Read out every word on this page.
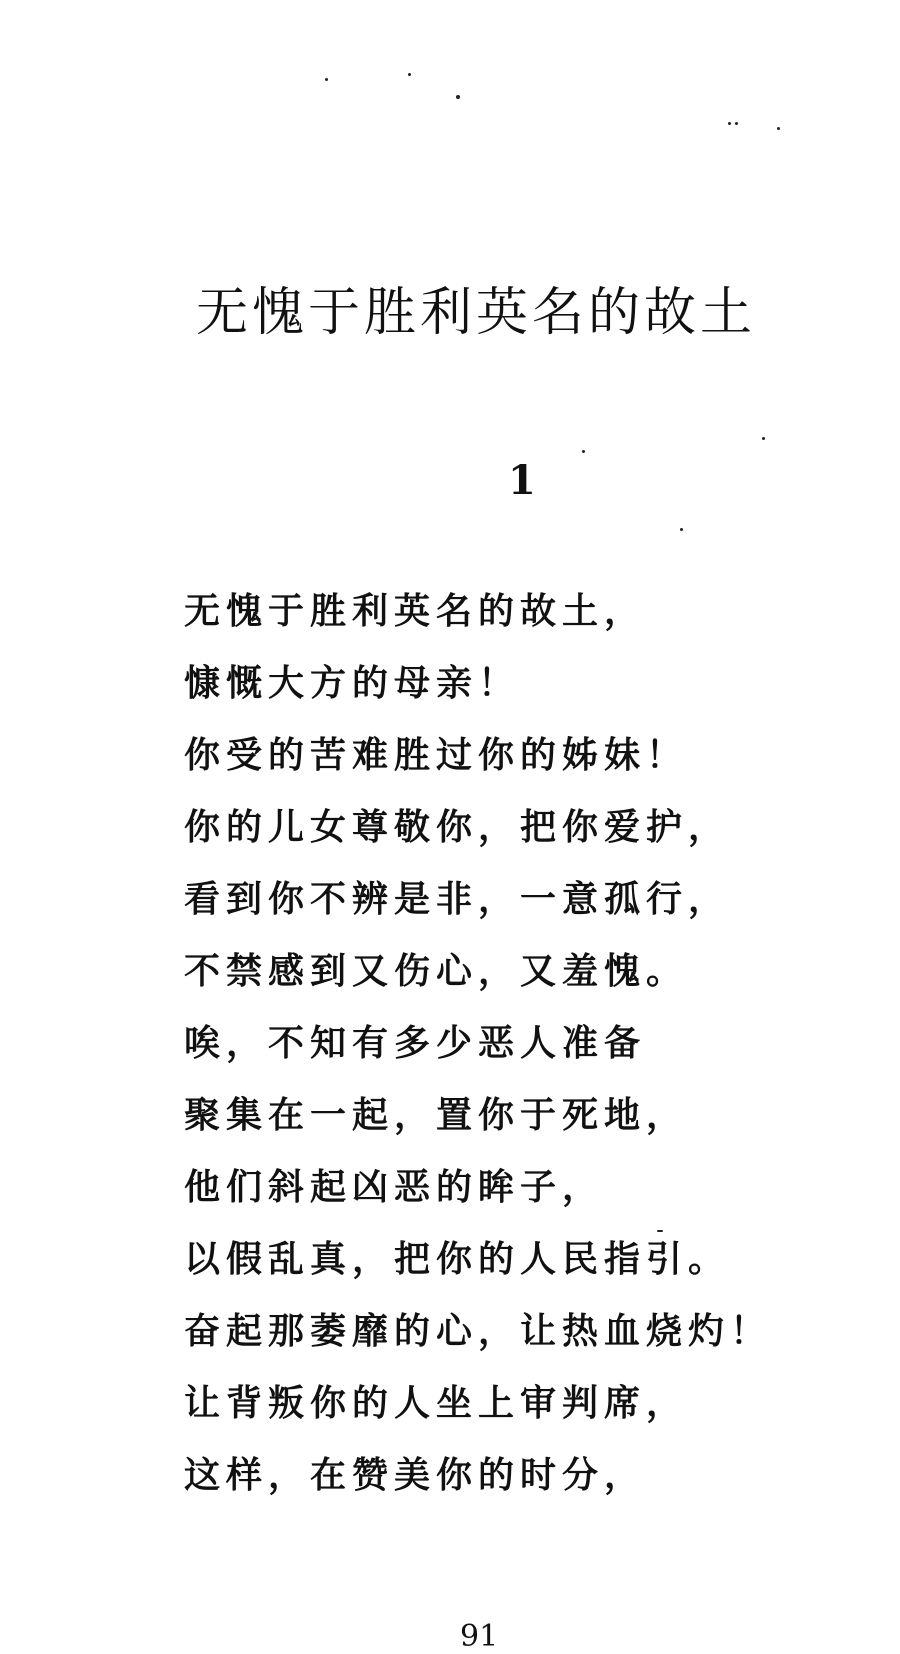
无愧于胜利英名的故土
1
无愧于胜利英名的故土，
慷慨大方的母亲！
你受的苦难胜过你的姊妹！
你的儿女尊敬你，把你爱护，
看到你不辨是非，一意孤行，
不禁感到又伤心，又羞愧。
唉，不知有多少恶人准备
聚集在一起，置你于死地，
他们斜起凶恶的眸子，
以假乱真，把你的人民指引。
奋起那萎靡的心，让热血烧灼！
让背叛你的人坐上审判席，
这样，在赞美你的时分，
91
